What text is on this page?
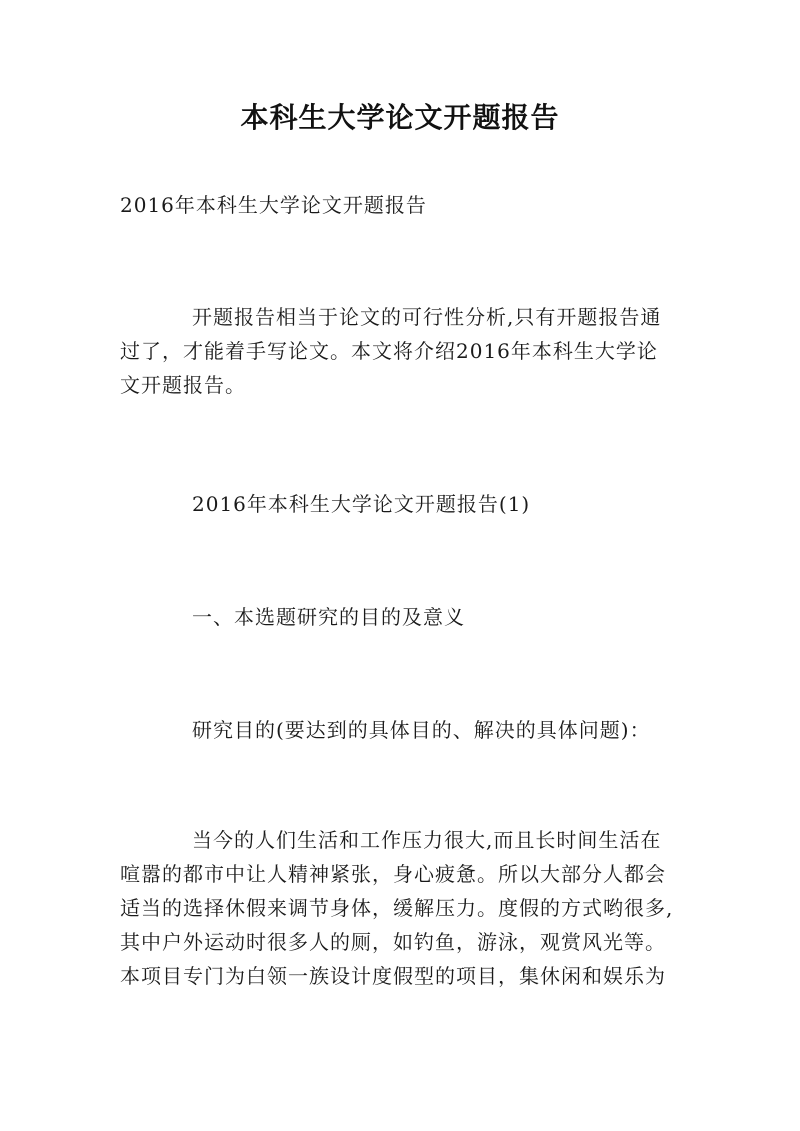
本科生大学论文开题报告
2016年本科生大学论文开题报告
开题报告相当于论文的可行性分析,只有开题报告通
过了，才能着手写论文。本文将介绍2016年本科生大学论
文开题报告。
2016年本科生大学论文开题报告(1)
一、本选题研究的目的及意义
研究目的(要达到的具体目的、解决的具体问题)：
当今的人们生活和工作压力很大,而且长时间生活在
喧嚣的都市中让人精神紧张，身心疲惫。所以大部分人都会
适当的选择休假来调节身体，缓解压力。度假的方式哟很多,
其中户外运动时很多人的厕，如钓鱼，游泳，观赏风光等。
本项目专门为白领一族设计度假型的项目，集休闲和娱乐为
